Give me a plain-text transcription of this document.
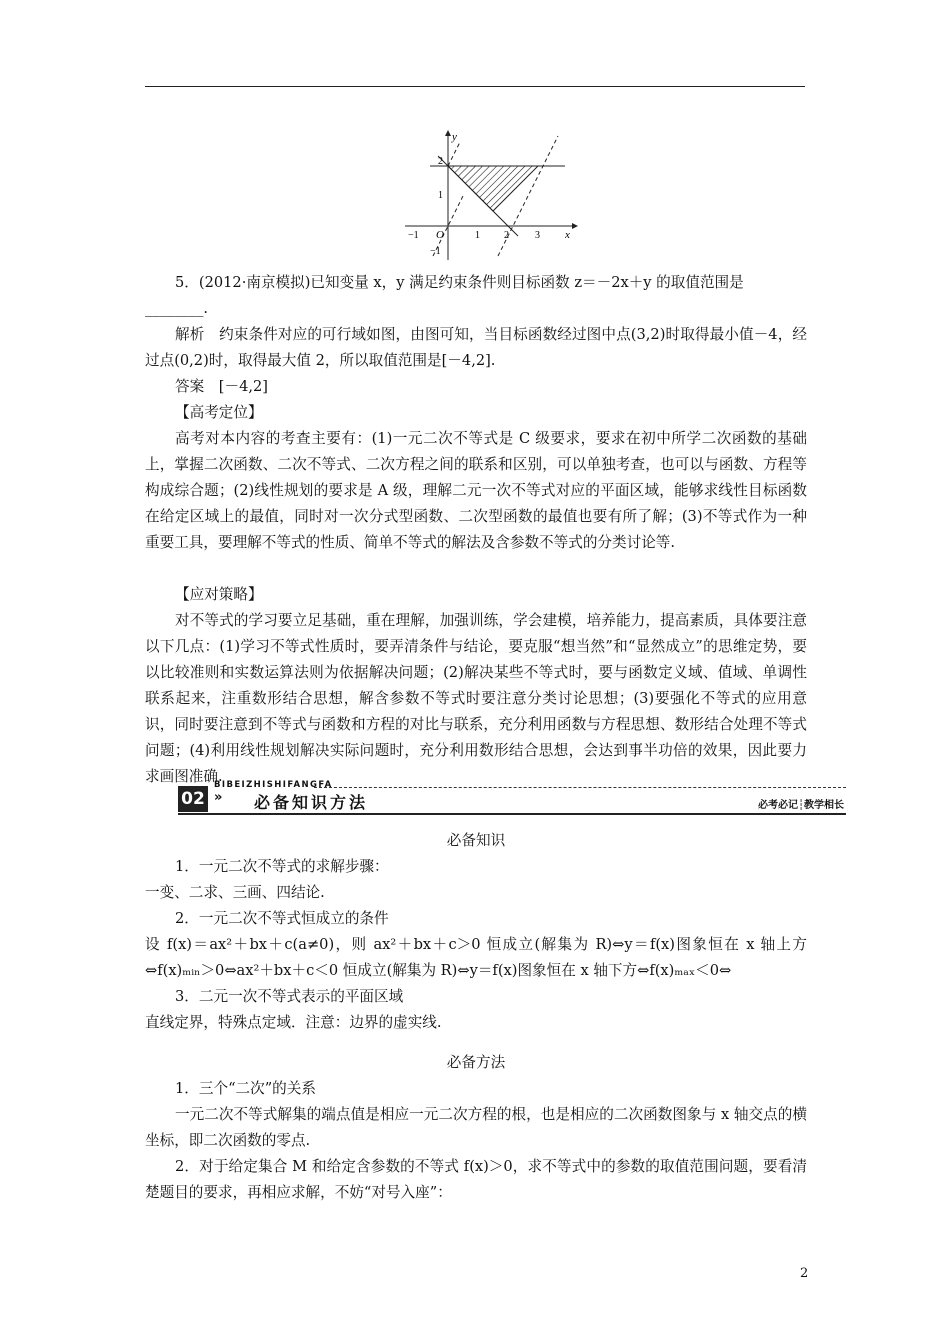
y
x
O
−1	1 2	3
2
1
−1

5．(2012·南京模拟)已知变量 x，y 满足约束条件则目标函数 z＝－2x＋y 的取值范围是

________.

解析　约束条件对应的可行域如图，由图可知，当目标函数经过图中点(3,2)时取得最小值－4，经过点(0,2)时，取得最大值 2，所以取值范围是[－4,2].

答案　[－4,2]

【高考定位】

高考对本内容的考查主要有：(1)一元二次不等式是 C 级要求，要求在初中所学二次函数的基础上，掌握二次函数、二次不等式、二次方程之间的联系和区别，可以单独考查，也可以与函数、方程等构成综合题；(2)线性规划的要求是 A 级，理解二元一次不等式对应的平面区域，能够求线性目标函数在给定区域上的最值，同时对一次分式型函数、二次型函数的最值也要有所了解；(3)不等式作为一种重要工具，要理解不等式的性质、简单不等式的解法及含参数不等式的分类讨论等.

【应对策略】

对不等式的学习要立足基础，重在理解，加强训练，学会建模，培养能力，提高素质，具体要注意以下几点：(1)学习不等式性质时，要弄清条件与结论，要克服“想当然”和“显然成立”的思维定势，要以比较准则和实数运算法则为依据解决问题；(2)解决某些不等式时，要与函数定义域、值域、单调性联系起来，注重数形结合思想，解含参数不等式时要注意分类讨论思想；(3)要强化不等式的应用意识，同时要注意到不等式与函数和方程的对比与联系，充分利用函数与方程思想、数形结合处理不等式问题；(4)利用线性规划解决实际问题时，充分利用数形结合思想，会达到事半功倍的效果，因此要力求画图准确.

BIBEIZHISHIFANGFA
02 » 必备知识方法	必考必记┆教学相长

必备知识

1．一元二次不等式的求解步骤：

一变、二求、三画、四结论.

2．一元二次不等式恒成立的条件

设 f(x)＝ax²＋bx＋c(a≠0)，则 ax²＋bx＋c＞0 恒成立(解集为 R)⇔y＝f(x)图象恒在 x 轴上方⇔f(x)ₘᵢₙ＞0⇔ax²＋bx＋c＜0 恒成立(解集为 R)⇔y＝f(x)图象恒在 x 轴下方⇔f(x)ₘₐₓ＜0⇔

3．二元一次不等式表示的平面区域

直线定界，特殊点定域．注意：边界的虚实线.

必备方法

1．三个“二次”的关系

一元二次不等式解集的端点值是相应一元二次方程的根，也是相应的二次函数图象与 x 轴交点的横坐标，即二次函数的零点.

2．对于给定集合 M 和给定含参数的不等式 f(x)＞0，求不等式中的参数的取值范围问题，要看清楚题目的要求，再相应求解，不妨“对号入座”：

2
